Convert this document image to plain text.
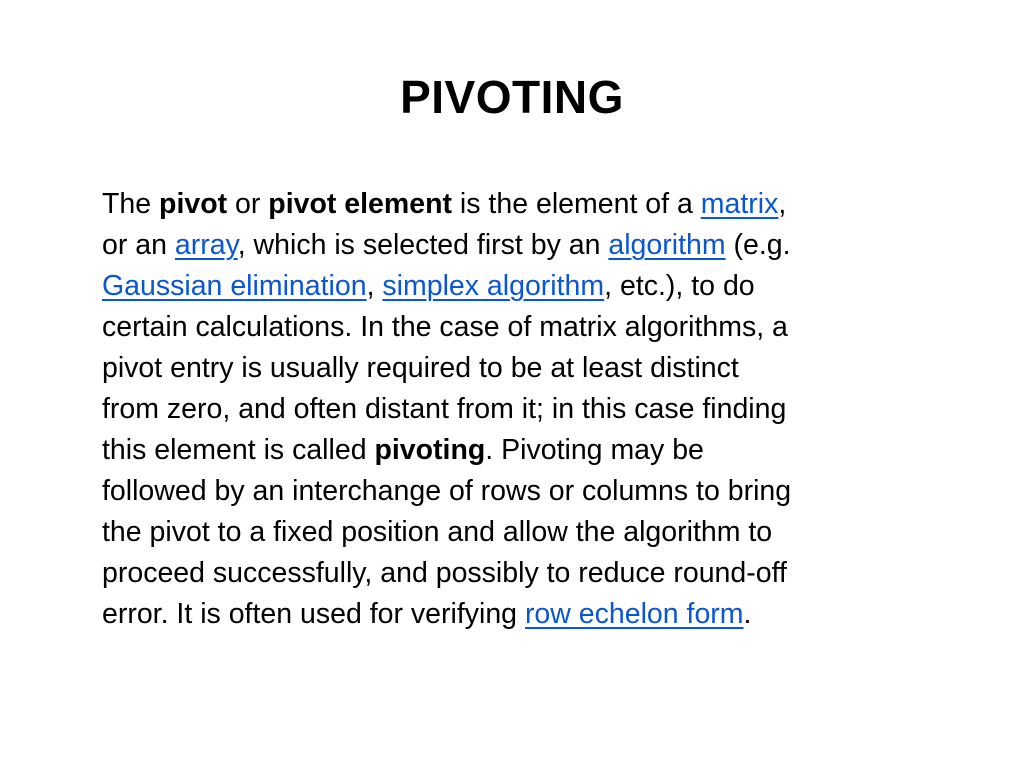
PIVOTING
The pivot or pivot element is the element of a matrix,
or an array, which is selected first by an algorithm (e.g.
Gaussian elimination, simplex algorithm, etc.), to do
certain calculations. In the case of matrix algorithms, a
pivot entry is usually required to be at least distinct
from zero, and often distant from it; in this case finding
this element is called pivoting. Pivoting may be
followed by an interchange of rows or columns to bring
the pivot to a fixed position and allow the algorithm to
proceed successfully, and possibly to reduce round-off
error. It is often used for verifying row echelon form.
